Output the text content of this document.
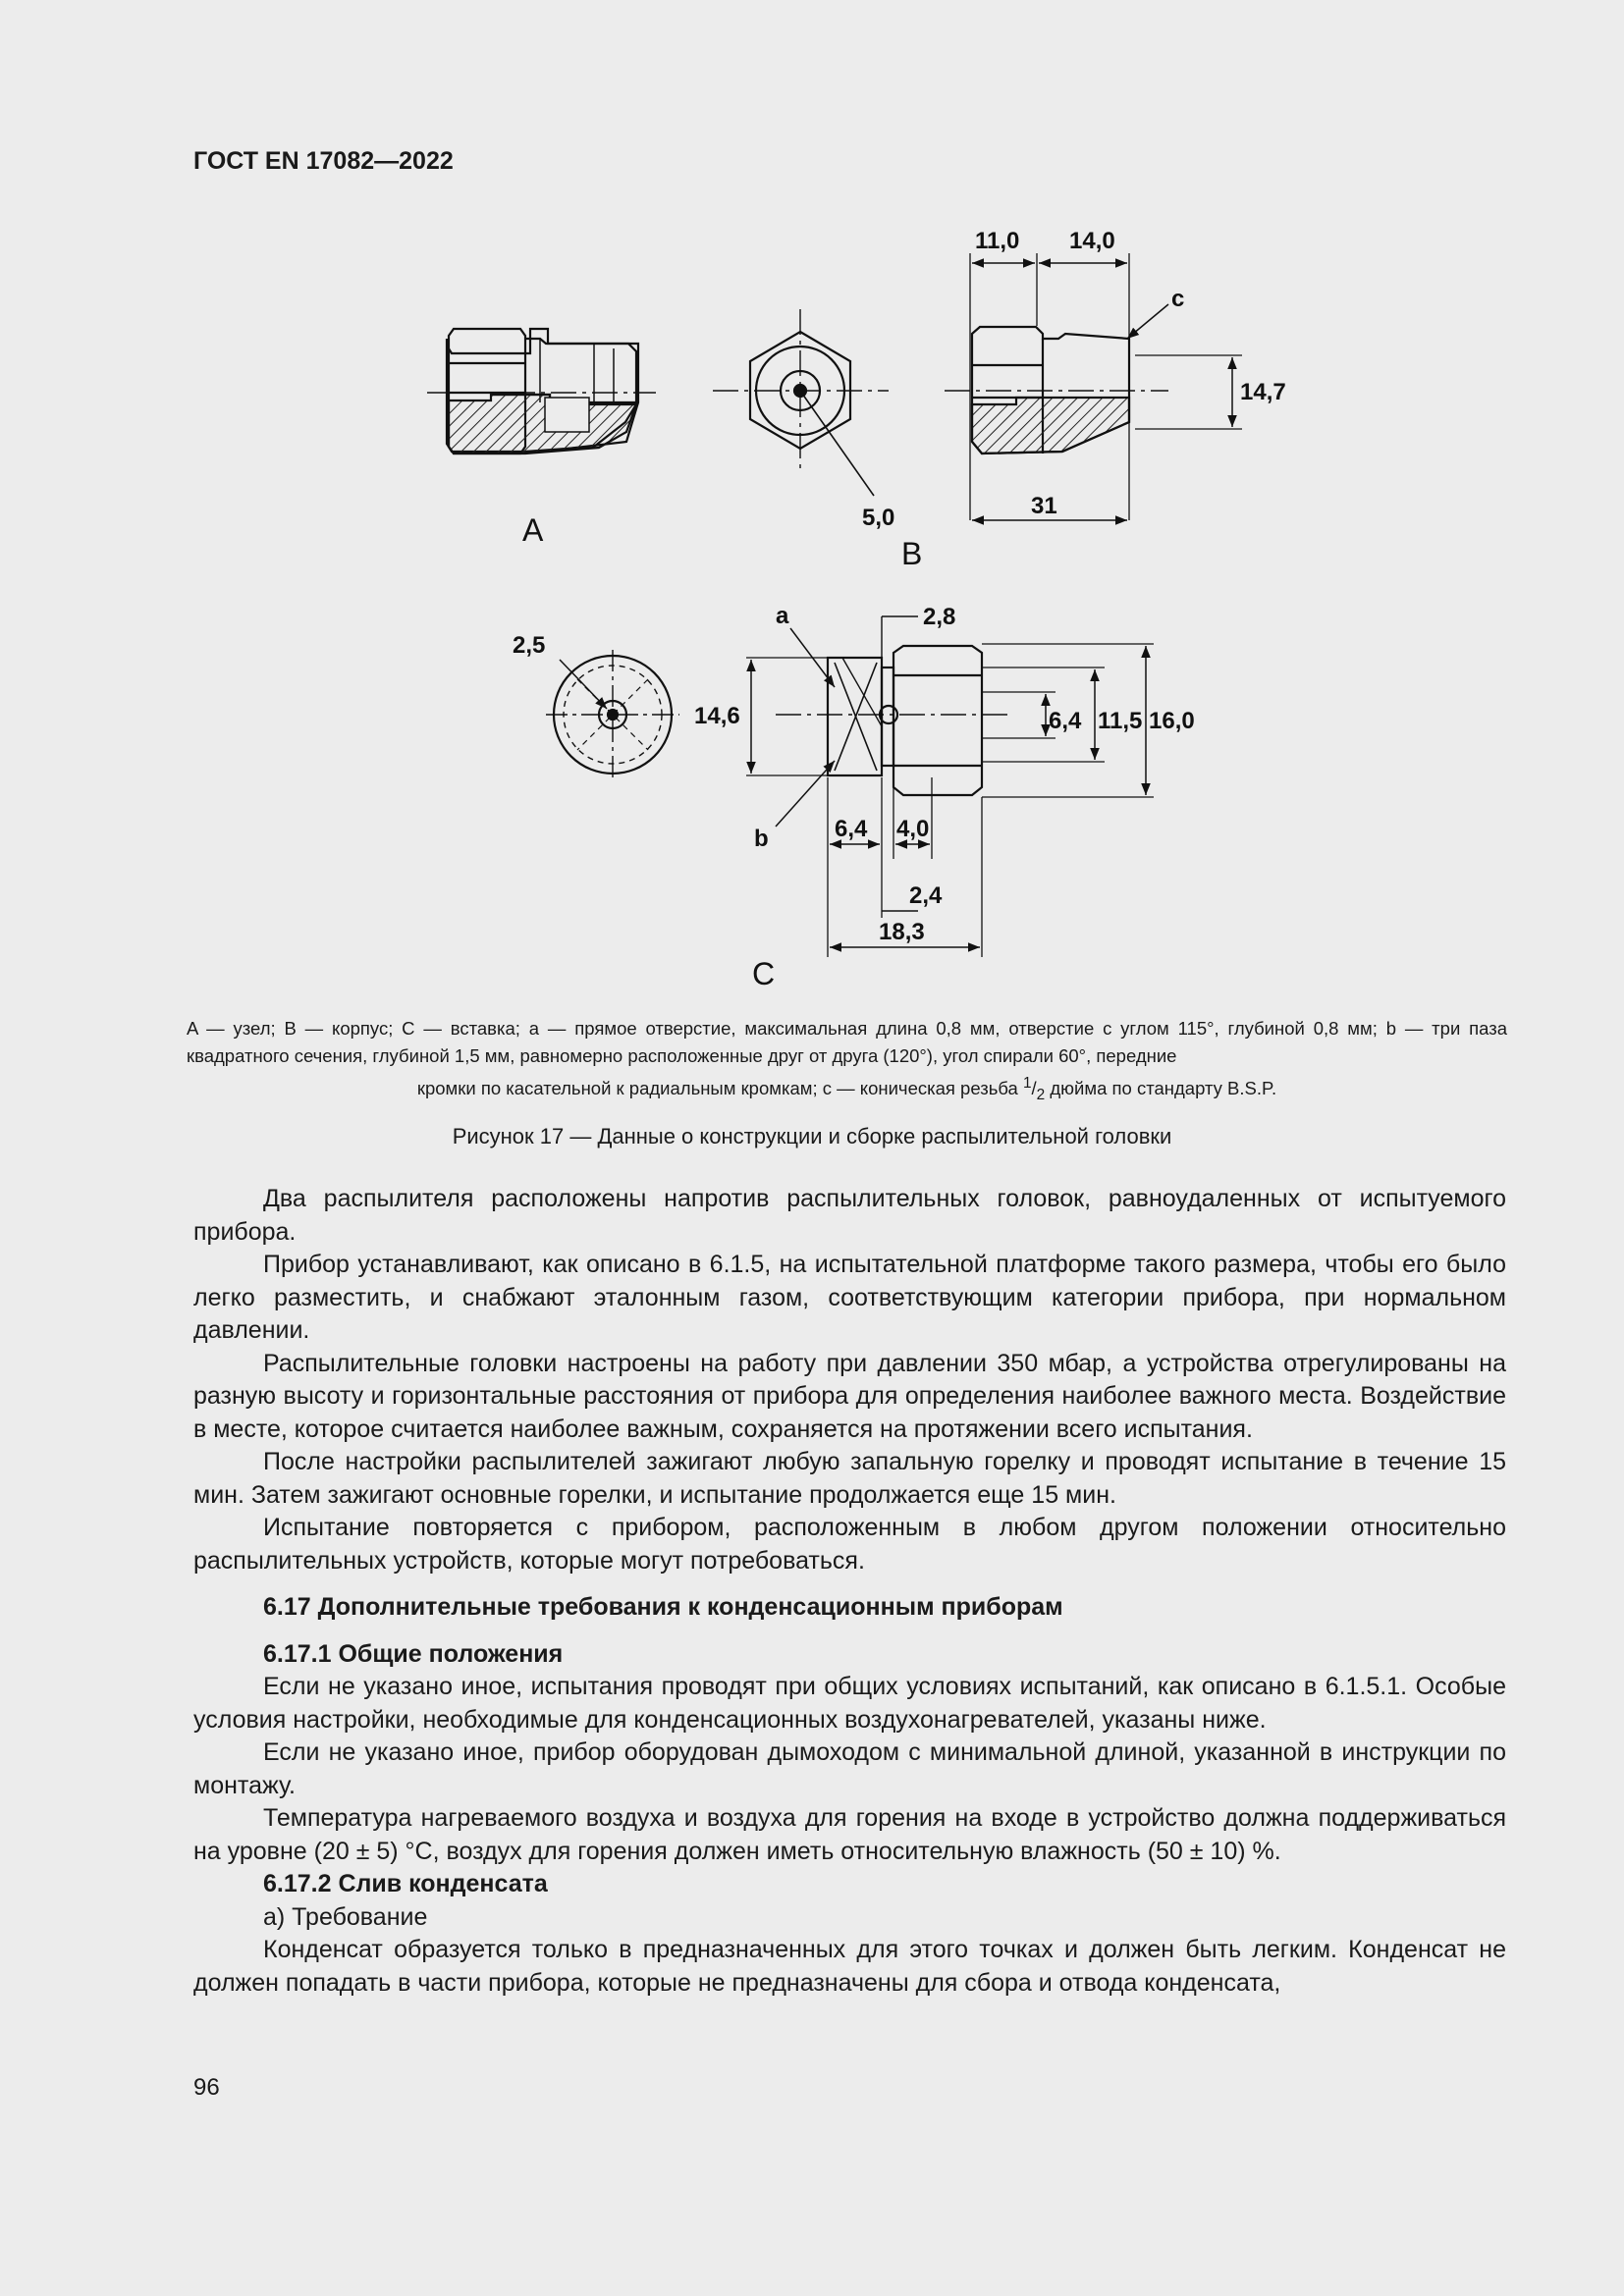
ГОСТ EN 17082—2022
A	5,0
B
11,0 14,0
c
14,7
31
2,5
a	2,8
14,6	6,4 11,5 16,0
b	6,4 4,0
2,4
18,3
C
A — узел; B — корпус; C — вставка; a — прямое отверстие, максимальная длина 0,8 мм, отверстие с углом 115°, глубиной 0,8 мм; b — три паза квадратного сечения, глубиной 1,5 мм, равномерно расположенные друг от друга (120°), угол спирали 60°, передние
кромки по касательной к радиальным кромкам; с — коническая резьба $^1/_2$ дюйма по стандарту B.S.P.
Рисунок 17 — Данные о конструкции и сборке распылительной головки

Два распылителя расположены напротив распылительных головок, равноудаленных от испытуемого прибора.

Прибор устанавливают, как описано в 6.1.5, на испытательной платформе такого размера, чтобы его было легко разместить, и снабжают эталонным газом, соответствующим категории прибора, при нормальном давлении.

Распылительные головки настроены на работу при давлении 350 мбар, а устройства отрегулированы на разную высоту и горизонтальные расстояния от прибора для определения наиболее важного места. Воздействие в месте, которое считается наиболее важным, сохраняется на протяжении всего испытания.

После настройки распылителей зажигают любую запальную горелку и проводят испытание в течение 15 мин. Затем зажигают основные горелки, и испытание продолжается еще 15 мин.

Испытание повторяется с прибором, расположенным в любом другом положении относительно распылительных устройств, которые могут потребоваться.

6.17 Дополнительные требования к конденсационным приборам
6.17.1 Общие положения

Если не указано иное, испытания проводят при общих условиях испытаний, как описано в 6.1.5.1. Особые условия настройки, необходимые для конденсационных воздухонагревателей, указаны ниже.

Если не указано иное, прибор оборудован дымоходом с минимальной длиной, указанной в инструкции по монтажу.

Температура нагреваемого воздуха и воздуха для горения на входе в устройство должна поддерживаться на уровне (20 ± 5) °С, воздух для горения должен иметь относительную влажность (50 ± 10) %.

6.17.2 Слив конденсата

а) Требование

Конденсат образуется только в предназначенных для этого точках и должен быть легким. Конденсат не должен попадать в части прибора, которые не предназначены для сбора и отвода конденсата,

96
